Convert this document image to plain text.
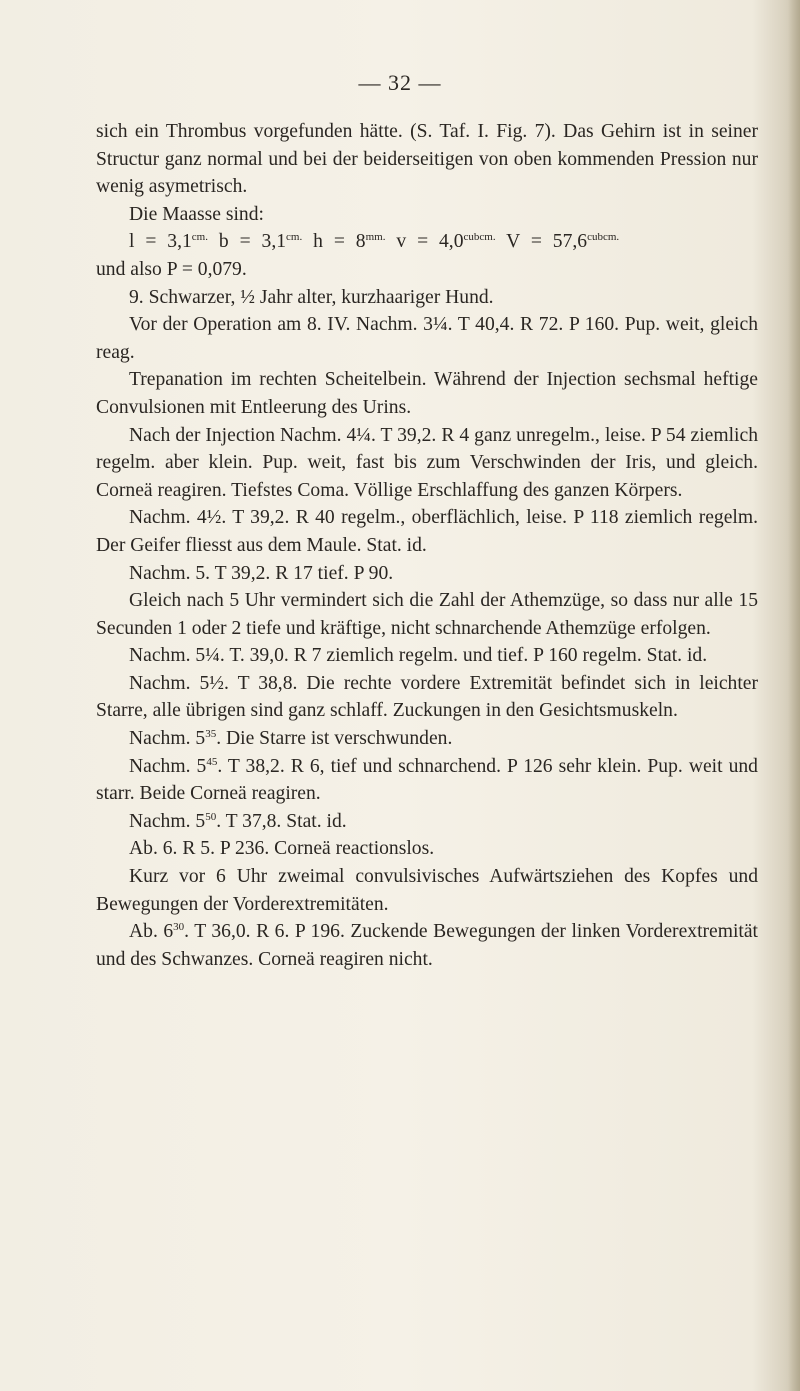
— 32 —

sich ein Thrombus vorgefunden hätte. (S. Taf. I. Fig. 7). Das Gehirn ist in seiner Structur ganz normal und bei der beiderseitigen von oben kommenden Pression nur wenig asymetrisch.

Die Maasse sind:

$l = 3,1^{cm.}$ $b = 3,1^{cm.}$ $h = 8^{mm.}$ $v = 4,0^{cubcm.}$ $V = 57,6^{cubcm.}$

und also P = 0,079.

9. Schwarzer, ½ Jahr alter, kurzhaariger Hund.

Vor der Operation am 8. IV. Nachm. 3¼. T 40,4. R 72. P 160. Pup. weit, gleich reag.

Trepanation im rechten Scheitelbein. Während der Injection sechsmal heftige Convulsionen mit Entleerung des Urins.

Nach der Injection Nachm. 4¼. T 39,2. R 4 ganz unregelm., leise. P 54 ziemlich regelm. aber klein. Pup. weit, fast bis zum Verschwinden der Iris, und gleich. Corneä reagiren. Tiefstes Coma. Völlige Erschlaffung des ganzen Körpers.

Nachm. 4½. T 39,2. R 40 regelm., oberflächlich, leise. P 118 ziemlich regelm. Der Geifer fliesst aus dem Maule. Stat. id.

Nachm. 5. T 39,2. R 17 tief. P 90.

Gleich nach 5 Uhr vermindert sich die Zahl der Athemzüge, so dass nur alle 15 Secunden 1 oder 2 tiefe und kräftige, nicht schnarchende Athemzüge erfolgen.

Nachm. 5¼. T. 39,0. R 7 ziemlich regelm. und tief. P 160 regelm. Stat. id.

Nachm. 5½. T 38,8. Die rechte vordere Extremität befindet sich in leichter Starre, alle übrigen sind ganz schlaff. Zuckungen in den Gesichtsmuskeln.

Nachm. $5^{35}$. Die Starre ist verschwunden.

Nachm. $5^{45}$. T 38,2. R 6, tief und schnarchend. P 126 sehr klein. Pup. weit und starr. Beide Corneä reagiren.

Nachm. $5^{50}$. T 37,8. Stat. id.

Ab. 6. R 5. P 236. Corneä reactionslos.

Kurz vor 6 Uhr zweimal convulsivisches Aufwärtsziehen des Kopfes und Bewegungen der Vorderextremitäten.

Ab. $6^{30}$. T 36,0. R 6. P 196. Zuckende Bewegungen der linken Vorderextremität und des Schwanzes. Corneä reagiren nicht.
